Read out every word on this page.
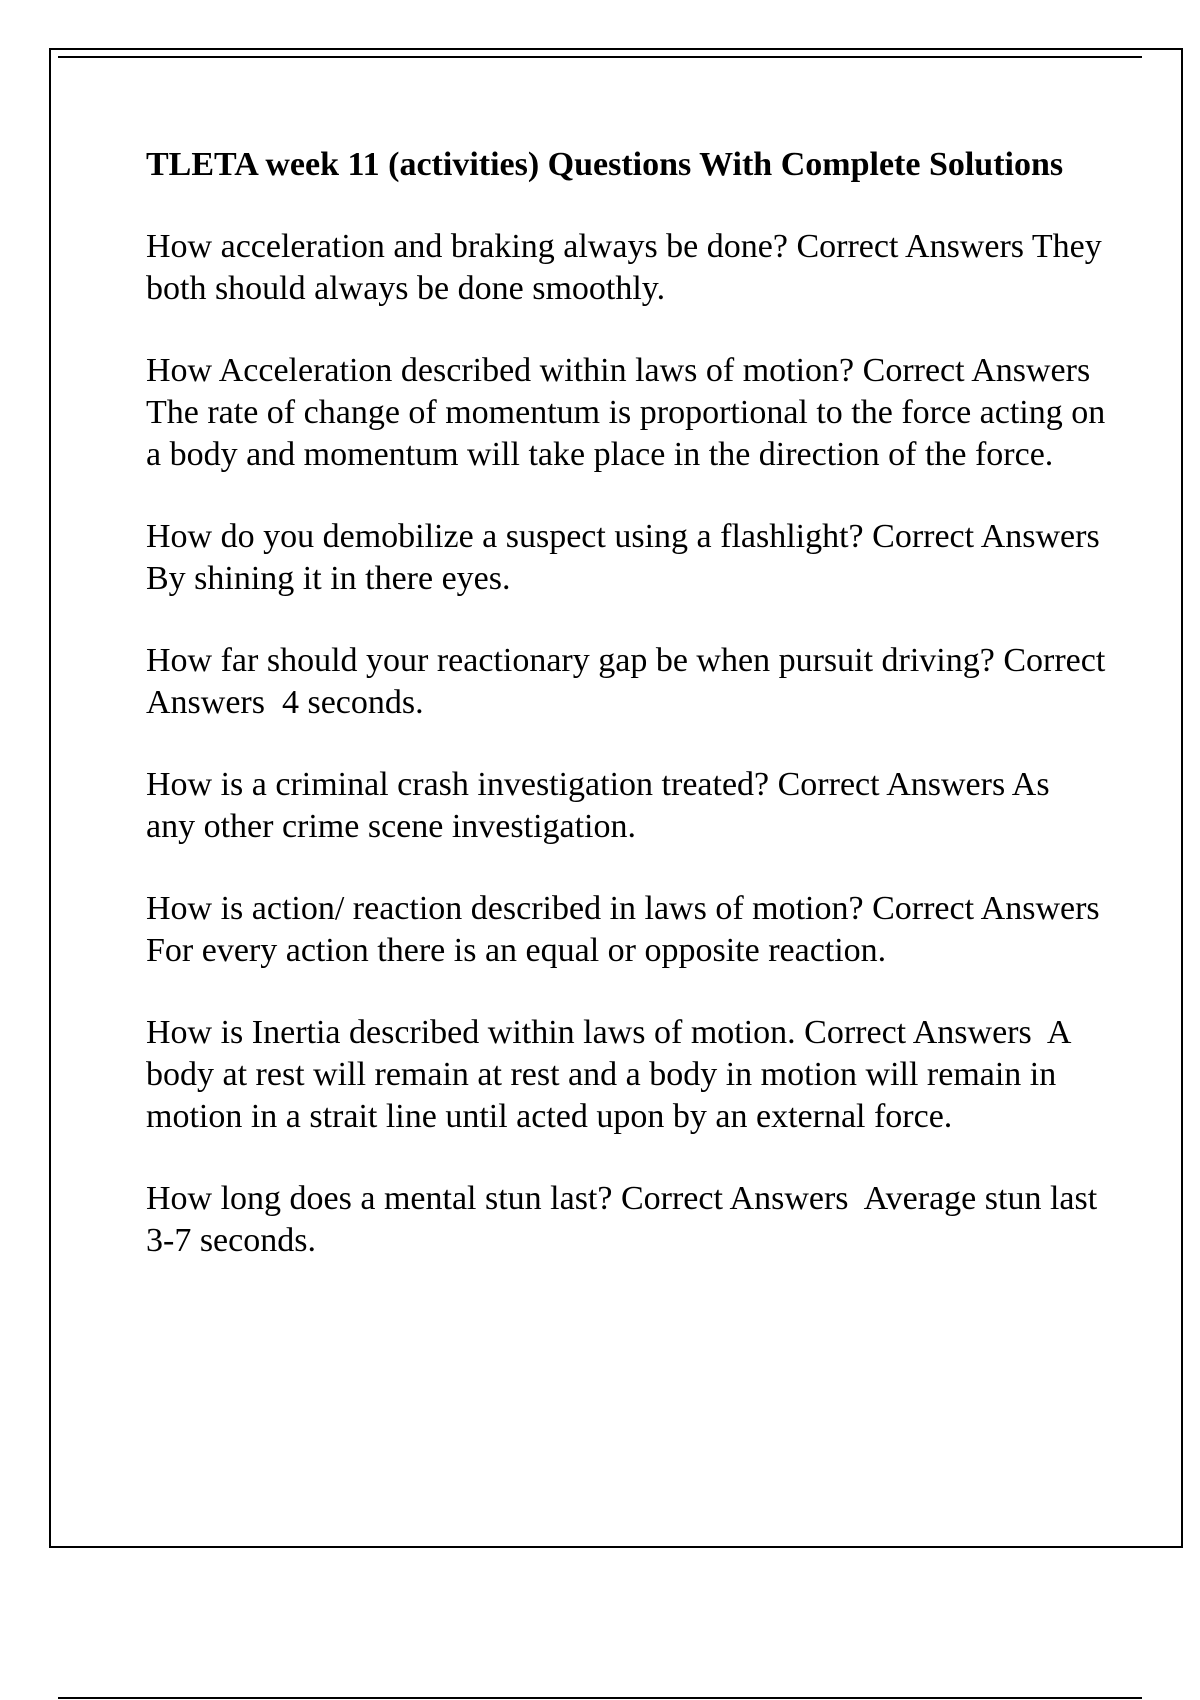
TLETA week 11 (activities) Questions With Complete Solutions
How acceleration and braking always be done? Correct Answers They both should always be done smoothly.
How Acceleration described within laws of motion? Correct Answers  The rate of change of momentum is proportional to the force acting on a body and momentum will take place in the direction of the force.
How do you demobilize a suspect using a flashlight? Correct Answers  By shining it in there eyes.
How far should your reactionary gap be when pursuit driving? Correct Answers  4 seconds.
How is a criminal crash investigation treated? Correct Answers As any other crime scene investigation.
How is action/ reaction described in laws of motion? Correct Answers  For every action there is an equal or opposite reaction.
How is Inertia described within laws of motion. Correct Answers  A body at rest will remain at rest and a body in motion will remain in motion in a strait line until acted upon by an external force.
How long does a mental stun last? Correct Answers  Average stun last 3-7 seconds.
